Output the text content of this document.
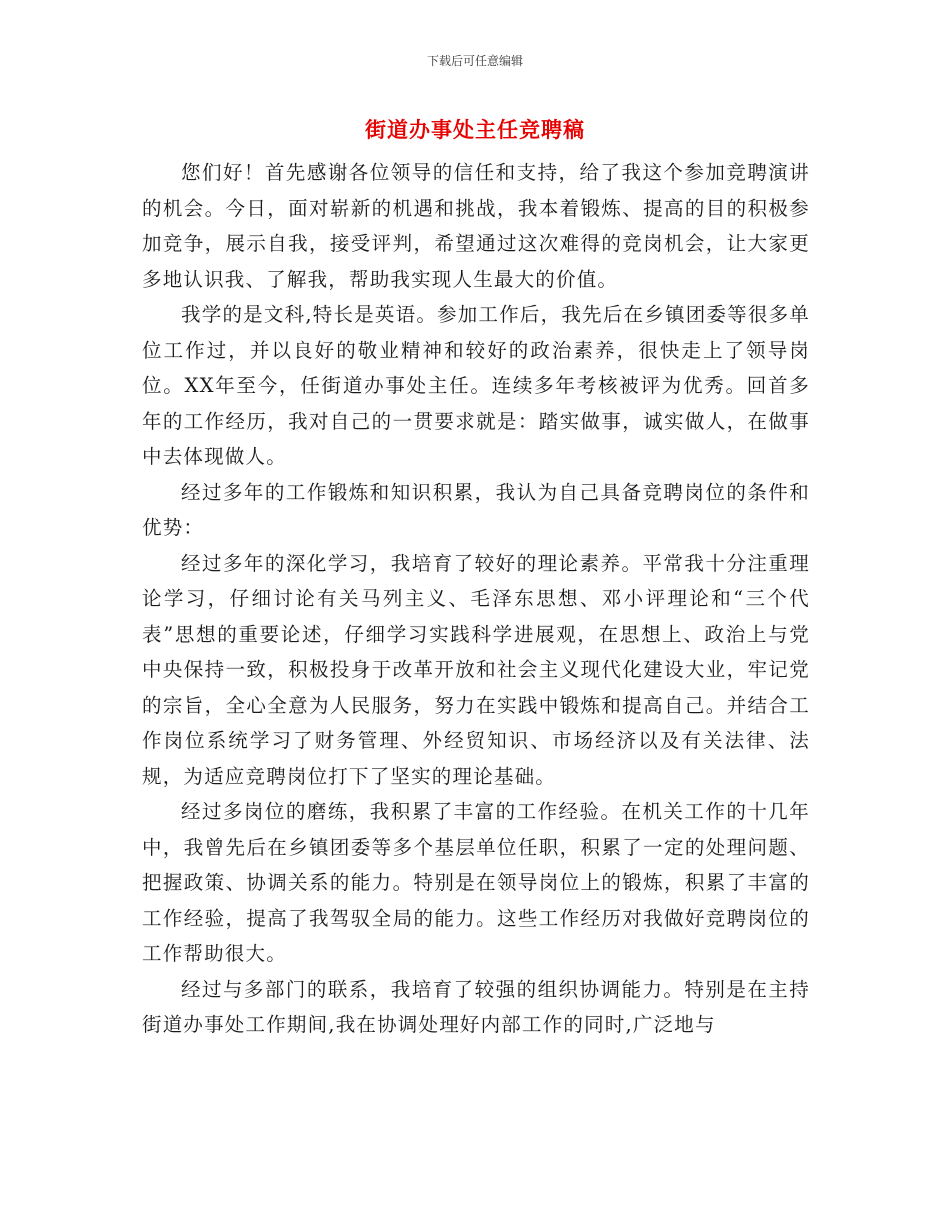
下载后可任意编辑
街道办事处主任竞聘稿

您们好！首先感谢各位领导的信任和支持，给了我这个参加竞聘演讲的机会。今日，面对崭新的机遇和挑战，我本着锻炼、提高的目的积极参加竞争，展示自我，接受评判，希望通过这次难得的竞岗机会，让大家更多地认识我、了解我，帮助我实现人生最大的价值。

我学的是文科,特长是英语。参加工作后，我先后在乡镇团委等很多单位工作过，并以良好的敬业精神和较好的政治素养，很快走上了领导岗位。XX年至今，任街道办事处主任。连续多年考核被评为优秀。回首多年的工作经历，我对自己的一贯要求就是：踏实做事，诚实做人，在做事中去体现做人。

经过多年的工作锻炼和知识积累，我认为自己具备竞聘岗位的条件和优势：

经过多年的深化学习，我培育了较好的理论素养。平常我十分注重理论学习，仔细讨论有关马列主义、毛泽东思想、邓小评理论和“三个代表”思想的重要论述，仔细学习实践科学进展观，在思想上、政治上与党中央保持一致，积极投身于改革开放和社会主义现代化建设大业，牢记党的宗旨，全心全意为人民服务，努力在实践中锻炼和提高自己。并结合工作岗位系统学习了财务管理、外经贸知识、市场经济以及有关法律、法规，为适应竞聘岗位打下了坚实的理论基础。

经过多岗位的磨练，我积累了丰富的工作经验。在机关工作的十几年中，我曾先后在乡镇团委等多个基层单位任职，积累了一定的处理问题、把握政策、协调关系的能力。特别是在领导岗位上的锻炼，积累了丰富的工作经验，提高了我驾驭全局的能力。这些工作经历对我做好竞聘岗位的工作帮助很大。

经过与多部门的联系，我培育了较强的组织协调能力。特别是在主持街道办事处工作期间,我在协调处理好内部工作的同时,广泛地与
